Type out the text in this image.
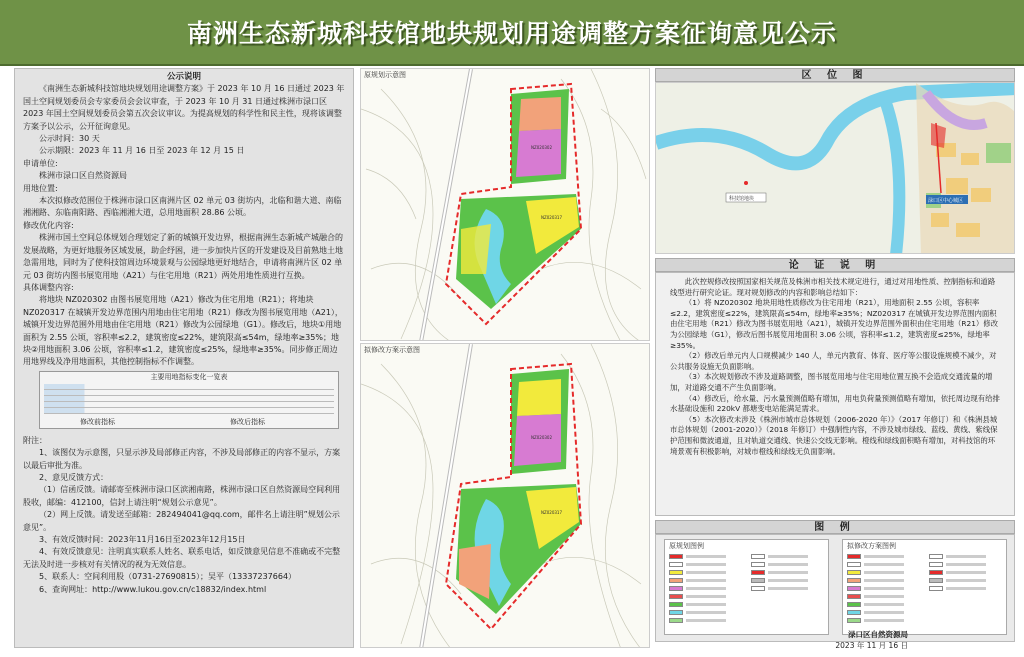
南洲生态新城科技馆地块规划用途调整方案征询意见公示
公示说明

《南洲生态新城科技馆地块规划用途调整方案》于 2023 年 10 月 16 日通过 2023 年国土空间规划委员会专家委员会会议审查，于 2023 年 10 月 31 日通过株洲市渌口区 2023 年国土空间规划委员会第五次会议审议。为提高规划的科学性和民主性，现将该调整方案予以公示，公开征询意见。

公示时间：30 天
公示期限：2023 年 11 月 16 日至 2023 年 12 月 15 日
申请单位:
株洲市渌口区自然资源局
用地位置:

本次拟修改范围位于株洲市渌口区南洲片区 02 单元 03 街坊内，北临和谐大道、南临湘湘路、东临南阳路、西临湘湘大道，总用地面积 28.86 公顷。

修改优化内容:

株洲市国土空间总体规划合理划定了新的城镇开发边界，根据南洲生态新城产城融合的发展战略，为更好地服务区域发展，助企纾困，进一步加快片区的开发建设及目前熟地土地急需用地，同时为了使科技馆周边环境景观与公园绿地更好地结合，申请将南洲片区 02 单元 03 街坊内图书展览用地（A21）与住宅用地（R21）两处用地性质进行互换。

具体调整内容:

将地块 NZ020302 由图书展览用地（A21）修改为住宅用地（R21）；将地块 NZ020317 在城镇开发边界范围内用地由住宅用地（R21）修改为图书展览用地（A21），城镇开发边界范围外用地由住宅用地（R21）修改为公园绿地（G1）。修改后，地块①用地面积为 2.55 公顷，容积率≤2.2，建筑密度≤22%，建筑限高≤54m，绿地率≥35%；地块②用地面积 3.06 公顷，容积率≤1.2，建筑密度≤25%，绿地率≥35%。同步修正周边用地界线及净用地面积，其他控制指标不作调整。

主要用地指标变化一览表
修改前指标	修改后指标
附注：
1、该图仅为示意图，只显示涉及局部修正内容，不涉及局部修正的内容不显示，方案以最后审批为准。
2、意见反馈方式：
（1）信函反馈。请邮寄至株洲市渌口区滨湘南路，株洲市渌口区自然资源局空间利用股收，邮编：412100，信封上请注明“规划公示意见”。
（2）网上反馈。请发送至邮箱：282494041@qq.com，邮件名上请注明”规划公示意见”。
3、有效反馈时间：2023年11月16日至2023年12月15日
4、有效反馈意见：注明真实联系人姓名、联系电话，如反馈意见信息不准确或不完整无法及时进一步核对有关情况的视为无效信息。
5、联系人：空间利用股（0731-27690815）；吴平（13337237664）
6、查询网址：http://www.lukou.gov.cn/c18832/index.html
原规划示意图
NZ020302
NZ020317
拟修改方案示意图
NZ020302
NZ020317
区 位 图
科技馆地块	渌口区中心城区
论 证 说 明

此次控规修改按照国家相关规范及株洲市相关技术规定进行，通过对用地性质、控制指标和道路线型进行研究论证。现对规划修改的内容和影响总结如下：

（1）将 NZ020302 地块用地性质修改为住宅用地（R21），用地面积 2.55 公顷，容积率≤2.2，建筑密度≤22%，建筑限高≤54m，绿地率≥35%；NZ020317 在城镇开发边界范围内面积由住宅用地（R21）修改为图书展览用地（A21），城镇开发边界范围外面积由住宅用地（R21）修改为公园绿地（G1），修改后图书展览用地面积 3.06 公顷，容积率≤1.2，建筑密度≤25%，绿地率≥35%。

（2）修改后单元内人口规模减少 140 人，单元内教育、体育、医疗等公服设施规模不减少，对公共服务设施无负面影响。

（3）本次规划修改不涉及道路调整，图书展览用地与住宅用地位置互换不会造成交通流量的增加，对道路交通不产生负面影响。

（4）修改后，给水量、污水量预测值略有增加，用电负荷量预测值略有增加，依托周边现有给排水基础设施和 220kV 都塘变电站能满足需求。

（5）本次修改未涉及《株洲市城市总体规划（2006-2020 年）》（2017 年修订）和《株洲县城市总体规划（2001-2020）》（2018 年修订）中强制性内容，不涉及城市绿线、蓝线、黄线、紫线保护范围和微波通道，且对轨道交通线、快速公交线无影响。橙线和绿线面积略有增加，对科技馆的环境景观有积极影响，对城市橙线和绿线无负面影响。

图 例
原规划图例	拟修改方案图例
渌口区自然资源局
2023 年 11 月 16 日
